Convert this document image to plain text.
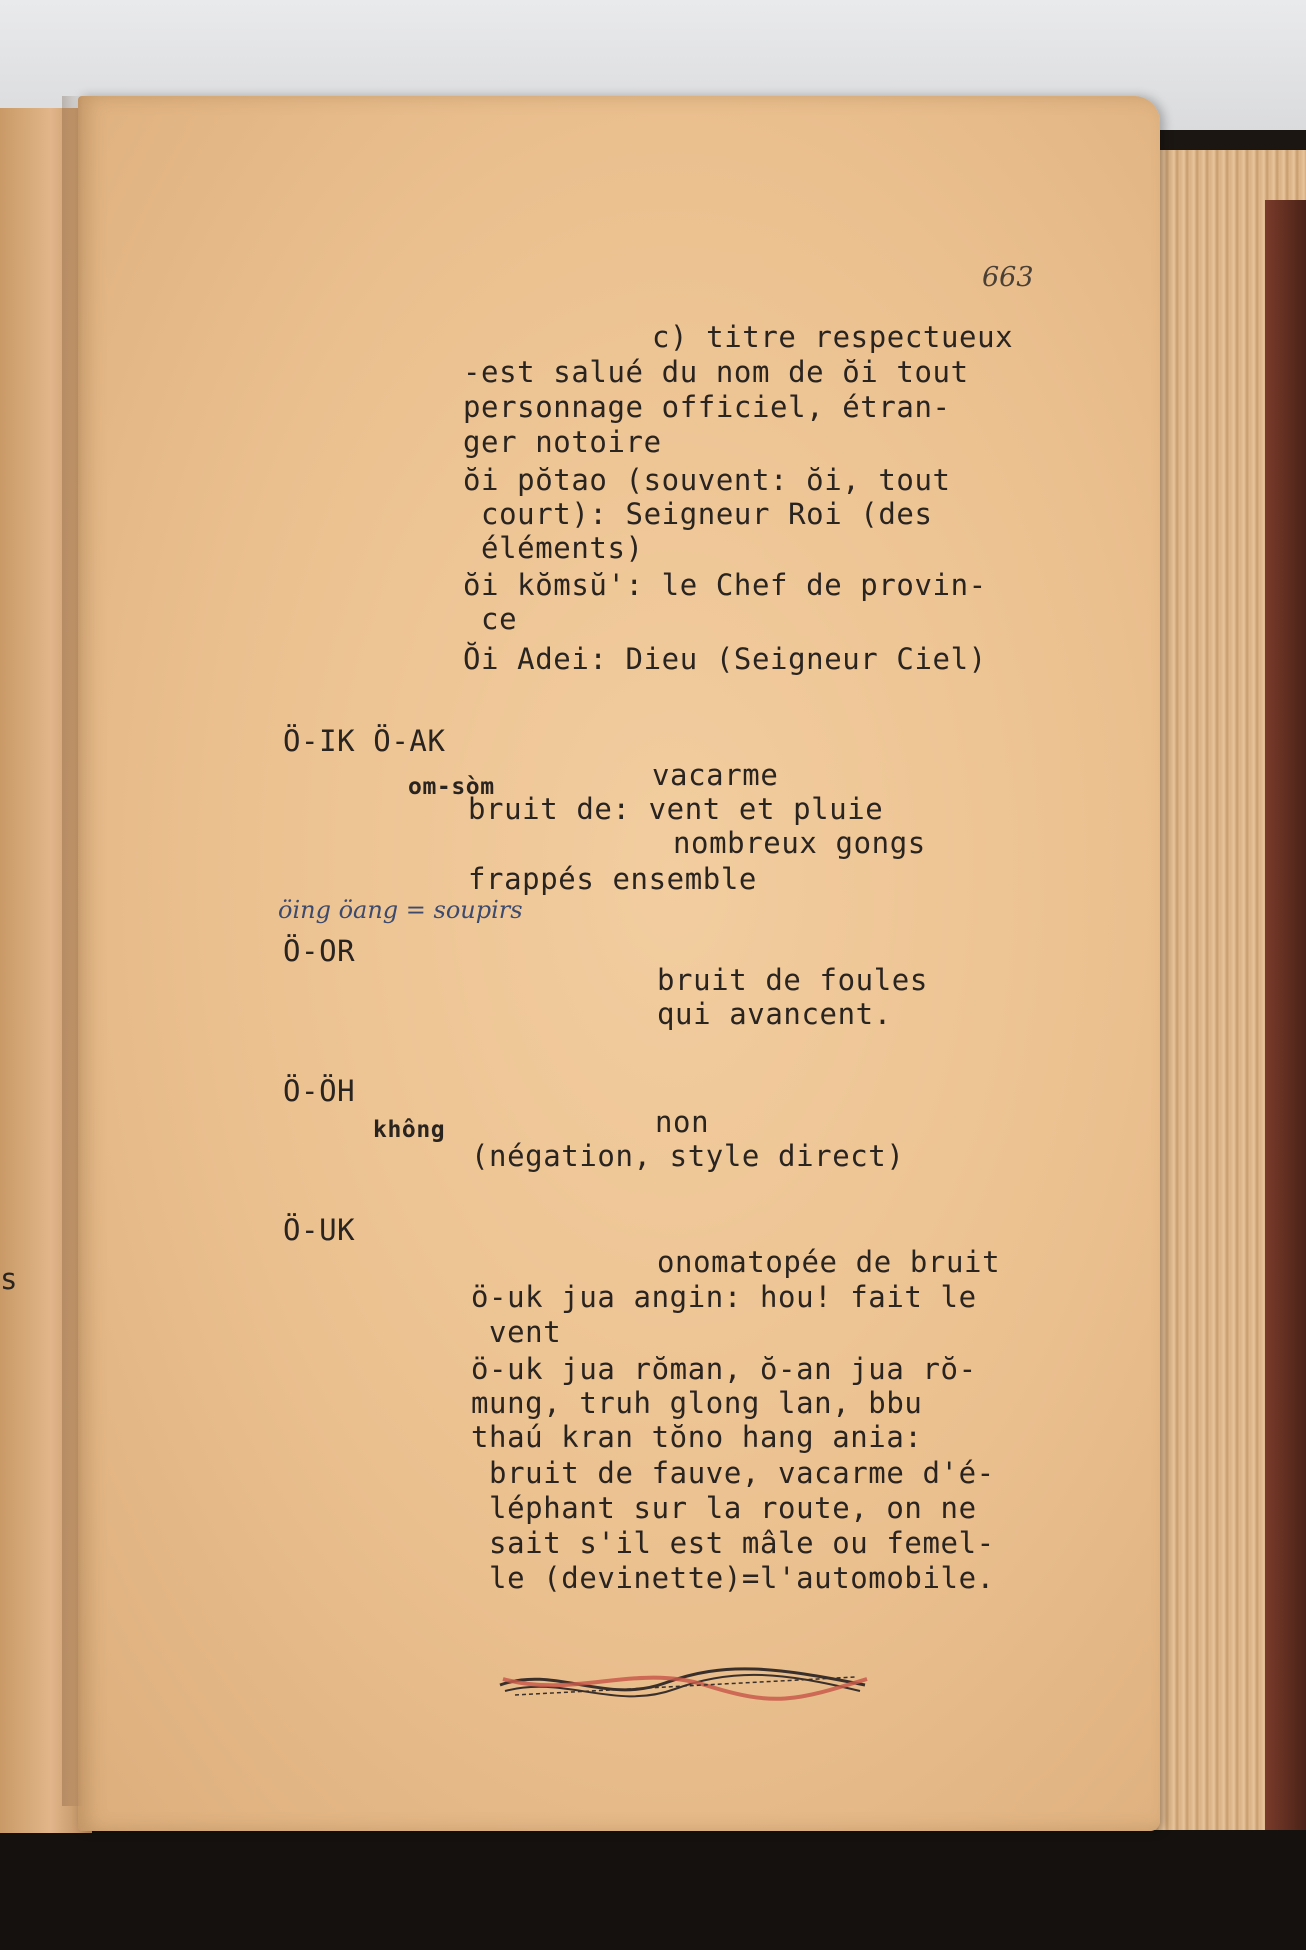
s
663
c) titre respectueux
-est salué du nom de ŏi tout
personnage officiel, étran-
ger notoire
ŏi pŏtao (souvent: ŏi, tout
court): Seigneur Roi (des
éléments)
ŏi kŏmsŭ': le Chef de provin-
ce
Ŏi Adei: Dieu (Seigneur Ciel)
Ö-IK Ö-AK
om-sòm	vacarme
bruit de: vent et pluie
nombreux gongs
frappés ensemble
öing öang = soupirs
Ö-OR
bruit de foules
qui avancent.
Ö-ÖH
không	non
(négation, style direct)
Ö-UK
onomatopée de bruit
ö-uk jua angin: hou! fait le
vent
ö-uk jua rŏman, ŏ-an jua rŏ-
mung, truh glong lan, bbu
thaú kran tŏno hang ania:
bruit de fauve, vacarme d'é-
léphant sur la route, on ne
sait s'il est mâle ou femel-
le (devinette)=l'automobile.
